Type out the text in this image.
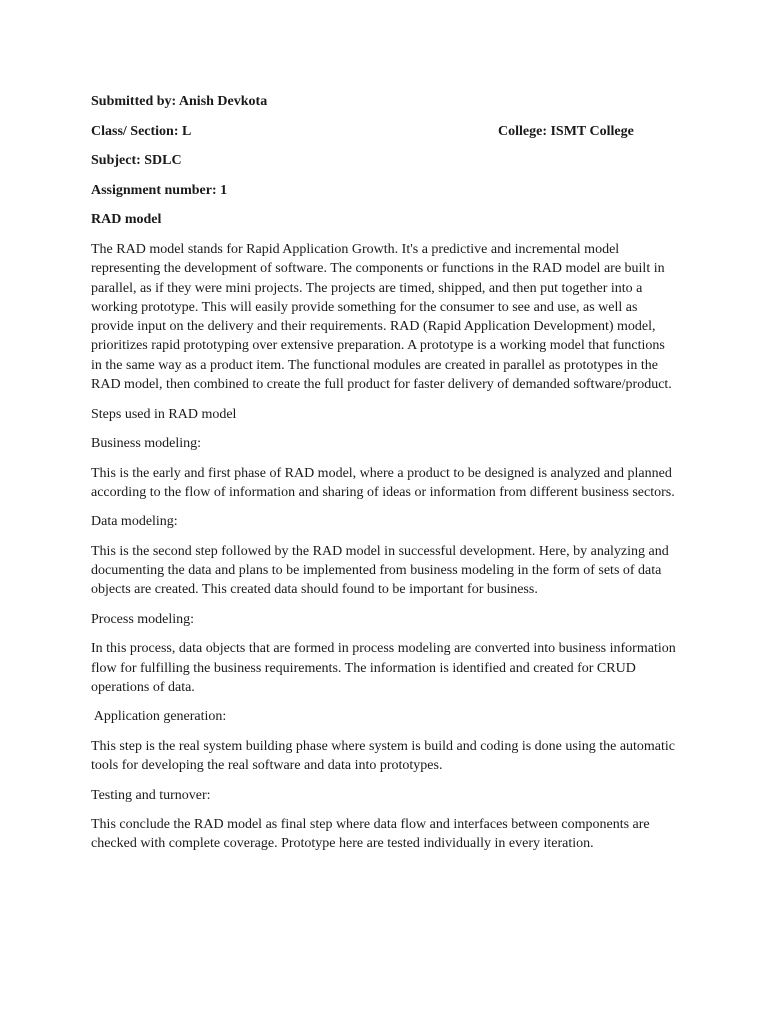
Submitted by: Anish Devkota
Class/ Section: L	College: ISMT College
Subject: SDLC
Assignment number: 1
RAD model

The RAD model stands for Rapid Application Growth. It's a predictive and incremental model representing the development of software. The components or functions in the RAD model are built in parallel, as if they were mini projects. The projects are timed, shipped, and then put together into a working prototype. This will easily provide something for the consumer to see and use, as well as provide input on the delivery and their requirements. RAD (Rapid Application Development) model, prioritizes rapid prototyping over extensive preparation. A prototype is a working model that functions in the same way as a product item. The functional modules are created in parallel as prototypes in the RAD model, then combined to create the full product for faster delivery of demanded software/product.

Steps used in RAD model

Business modeling:

This is the early and first phase of RAD model, where a product to be designed is analyzed and planned according to the flow of information and sharing of ideas or information from different business sectors.

Data modeling:

This is the second step followed by the RAD model in successful development. Here, by analyzing and documenting the data and plans to be implemented from business modeling in the form of sets of data objects are created. This created data should found to be important for business.

Process modeling:

In this process, data objects that are formed in process modeling are converted into business information flow for fulfilling the business requirements. The information is identified and created for CRUD operations of data.

Application generation:

This step is the real system building phase where system is build and coding is done using the automatic tools for developing the real software and data into prototypes.

Testing and turnover:

This conclude the RAD model as final step where data flow and interfaces between components are checked with complete coverage. Prototype here are tested individually in every iteration.
